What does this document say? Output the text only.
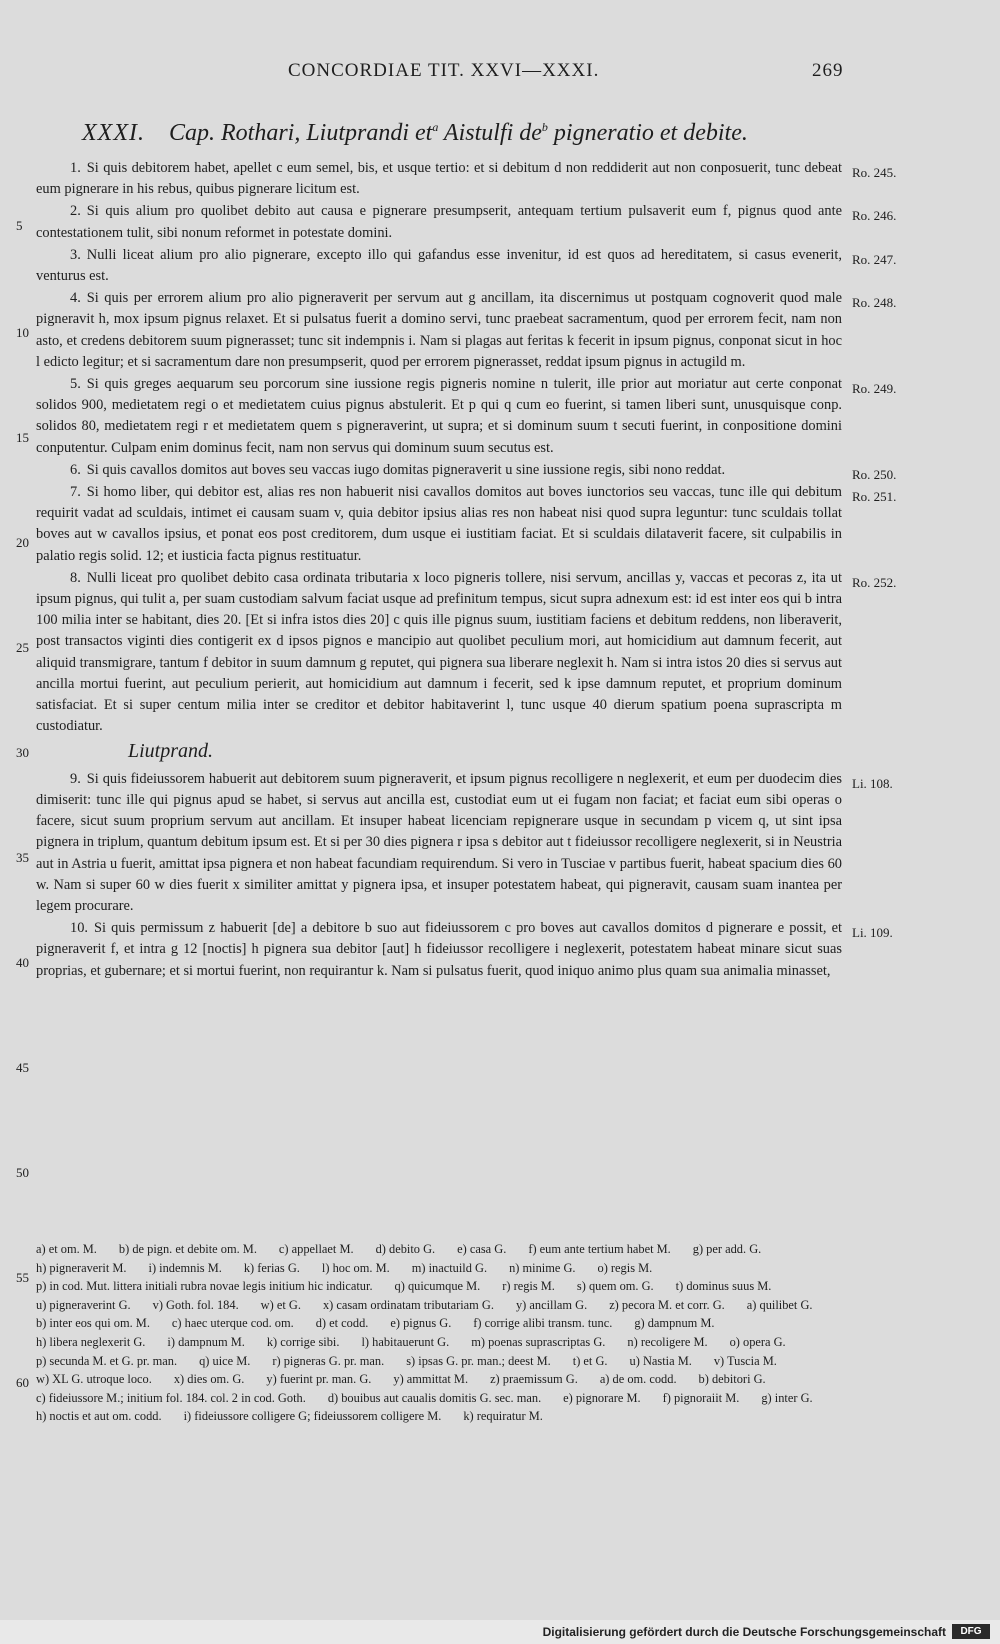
CONCORDIAE TIT. XXVI—XXXI.	269
XXXI. Cap. Rothari, Liutprandi $et^a$ Aistulfi $de^b$ pigneratio et debite.

1. Si quis debitorem habet, apellet c eum semel, bis, et usque tertio: et si debitum d non reddiderit aut non conposuerit, tunc debeat eum pignerare in his rebus, quibus pignerare licitum est.
Ro. 245.

2. Si quis alium pro quolibet debito aut causa e pignerare presumpserit, antequam tertium pulsaverit eum f, pignus quod ante contestationem tulit, sibi nonum reformet in potestate domini.
Ro. 246.

3. Nulli liceat alium pro alio pignerare, excepto illo qui gafandus esse invenitur, id est quos ad hereditatem, si casus evenerit, venturus est.
Ro. 247.

4. Si quis per errorem alium pro alio pigneraverit per servum aut g ancillam, ita discernimus ut postquam cognoverit quod male pigneravit h, mox ipsum pignus relaxet. Et si pulsatus fuerit a domino servi, tunc praebeat sacramentum, quod per errorem fecit, nam non asto, et credens debitorem suum pignerasset; tunc sit indempnis i. Nam si plagas aut feritas k fecerit in ipsum pignus, conponat sicut in hoc l edicto legitur; et si sacramentum dare non presumpserit, quod per errorem pignerasset, reddat ipsum pignus in actugild m.
Ro. 248.

5. Si quis greges aequarum seu porcorum sine iussione regis pigneris nomine n tulerit, ille prior aut moriatur aut certe conponat solidos 900, medietatem regi o et medietatem cuius pignus abstulerit. Et p qui q cum eo fuerint, si tamen liberi sunt, unusquisque conp. solidos 80, medietatem regi r et medietatem quem s pigneraverint, ut supra; et si dominum suum t secuti fuerint, in conpositione domini conputentur. Culpam enim dominus fecit, nam non servus qui dominum suum secutus est.
Ro. 249.

6. Si quis cavallos domitos aut boves seu vaccas iugo domitas pigneraverit u sine iussione regis, sibi nono reddat.	Ro. 250.

7. Si homo liber, qui debitor est, alias res non habuerit nisi cavallos domitos aut boves iunctorios seu vaccas, tunc ille qui debitum requirit vadat ad sculdais, intimet ei causam suam v, quia debitor ipsius alias res non habeat nisi quod supra leguntur: tunc sculdais tollat boves aut w cavallos ipsius, et ponat eos post creditorem, dum usque ei iustitiam faciat. Et si sculdais dilataverit facere, sit culpabilis in palatio regis solid. 12; et iusticia facta pignus restituatur.
Ro. 251.

8. Nulli liceat pro quolibet debito casa ordinata tributaria x loco pigneris tollere, nisi servum, ancillas y, vaccas et pecoras z, ita ut ipsum pignus, qui tulit a, per suam custodiam salvum faciat usque ad prefinitum tempus, sicut supra adnexum est: id est inter eos qui b intra 100 milia inter se habitant, dies 20. [Et si infra istos dies 20] c quis ille pignus suum, iustitiam faciens et debitum reddens, non liberaverit, post transactos viginti dies contigerit ex d ipsos pignos e mancipio aut quolibet peculium mori, aut homicidium aut damnum fecerit, aut aliquid transmigrare, tantum f debitor in suum damnum g reputet, qui pignera sua liberare neglexit h. Nam si intra istos 20 dies si servus aut ancilla mortui fuerint, aut peculium perierit, aut homicidium aut damnum i fecerit, sed k ipse damnum reputet, et proprium dominum satisfaciat. Et si super centum milia inter se creditor et debitor habitaverint l, tunc usque 40 dierum spatium poena suprascripta m custodiatur.
Ro. 252.

Liutprand.

9. Si quis fideiussorem habuerit aut debitorem suum pigneraverit, et ipsum pignus recolligere n neglexerit, et eum per duodecim dies dimiserit: tunc ille qui pignus apud se habet, si servus aut ancilla est, custodiat eum ut ei fugam non faciat; et faciat eum sibi operas o facere, sicut suum proprium servum aut ancillam. Et insuper habeat licenciam repignerare usque in secundam p vicem q, ut sint ipsa pignera in triplum, quantum debitum ipsum est. Et si per 30 dies pignera r ipsa s debitor aut t fideiussor recolligere neglexerit, si in Neustria aut in Astria u fuerit, amittat ipsa pignera et non habeat facundiam requirendum. Si vero in Tusciae v partibus fuerit, habeat spacium dies 60 w. Nam si super 60 w dies fuerit x similiter amittat y pignera ipsa, et insuper potestatem habeat, qui pigneravit, causam suam inantea per legem procurare.
Li. 108.

10. Si quis permissum z habuerit [de] a debitore b suo aut fideiussorem c pro boves aut cavallos domitos d pignerare e possit, et pigneraverit f, et intra g 12 [noctis] h pignera sua debitor [aut] h fideiussor recolligere i neglexerit, potestatem habeat minare sicut suas proprias, et gubernare; et si mortui fuerint, non requirantur k. Nam si pulsatus fuerit, quod iniquo animo plus quam sua animalia minasset,
Li. 109.

5
10
15
20
25
30
35
40
45
50
55
60
a) et om. M. b) de pign. et debite om. M. c) appellaet M. d) debito G. e) casa G. f) eum ante tertium habet M. g) per add. G.
h) pigneraverit M. i) indemnis M. k) ferias G. l) hoc om. M. m) inactuild G. n) minime G. o) regis M.
p) in cod. Mut. littera initiali rubra novae legis initium hic indicatur. q) quicumque M. r) regis M. s) quem om. G. t) dominus suus M.
u) pigneraverint G. v) Goth. fol. 184. w) et G. x) casam ordinatam tributariam G. y) ancillam G. z) pecora M. et corr. G. a) quilibet G.
b) inter eos qui om. M. c) haec uterque cod. om. d) et codd. e) pignus G. f) corrige alibi transm. tunc. g) dampnum M.
h) libera neglexerit G. i) dampnum M. k) corrige sibi. l) habitauerunt G. m) poenas suprascriptas G. n) recoligere M. o) opera G.
p) secunda M. et G. pr. man. q) uice M. r) pigneras G. pr. man. s) ipsas G. pr. man.; deest M. t) et G. u) Nastia M. v) Tuscia M.
w) XL G. utroque loco. x) dies om. G. y) fuerint pr. man. G. y) ammittat M. z) praemissum G. a) de om. codd. b) debitori G.
c) fideiussore M.; initium fol. 184. col. 2 in cod. Goth. d) bouibus aut caualis domitis G. sec. man. e) pignorare M. f) pignoraiit M. g) inter G.
h) noctis et aut om. codd. i) fideiussore colligere G; fideiussorem colligere M. k) requiratur M.
Digitalisierung gefördert durch die Deutsche Forschungsgemeinschaft	DFG
